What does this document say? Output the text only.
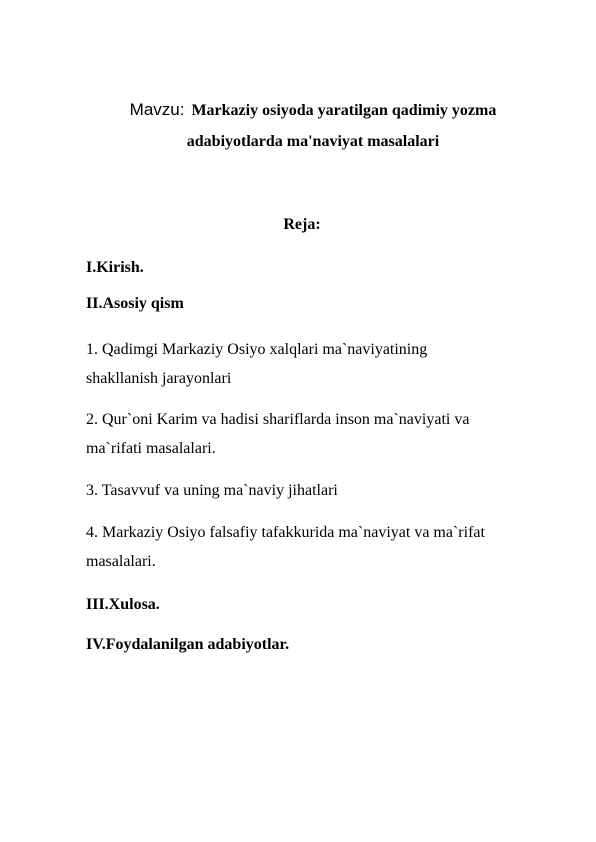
Mavzu: Markaziy osiyoda yaratilgan qadimiy yozma
adabiyotlarda ma'naviyat masalalari
Reja:
I.Kirish.
II.Asosiy qism
1. Qadimgi Markaziy Osiyo xalqlari ma`naviyatining
shakllanish jarayonlari
2. Qur`oni Karim va hadisi shariflarda inson ma`naviyati va
ma`rifati masalalari.
3. Tasavvuf va uning ma`naviy jihatlari
4. Markaziy Osiyo falsafiy tafakkurida ma`naviyat va ma`rifat
masalalari.
III.Xulosa.
IV.Foydalanilgan adabiyotlar.
